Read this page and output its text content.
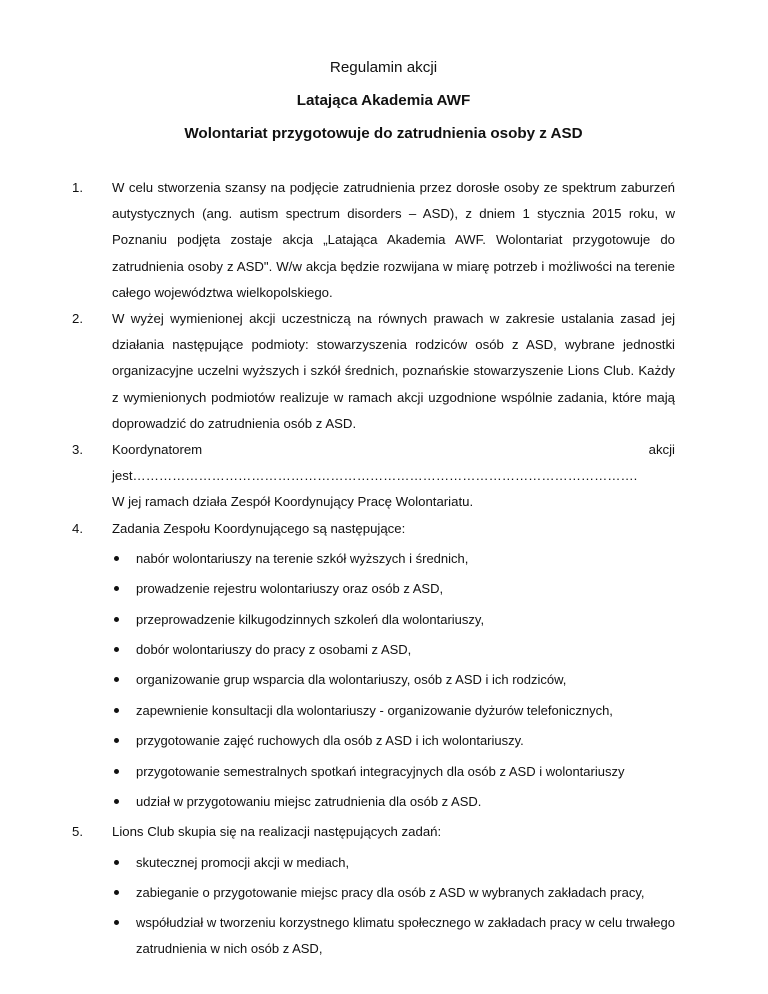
Regulamin akcji
Latająca Akademia AWF
Wolontariat przygotowuje do zatrudnienia osoby z ASD
1.	W celu stworzenia szansy na podjęcie zatrudnienia przez dorosłe osoby ze spektrum zaburzeń autystycznych (ang. autism spectrum disorders – ASD), z dniem 1 stycznia 2015 roku, w Poznaniu podjęta zostaje akcja „Latająca Akademia AWF. Wolontariat przygotowuje do zatrudnienia osoby z ASD". W/w akcja będzie rozwijana w miarę potrzeb i możliwości na terenie całego województwa wielkopolskiego.
2.	W wyżej wymienionej akcji uczestniczą na równych prawach w zakresie ustalania zasad jej działania następujące podmioty: stowarzyszenia rodziców osób z ASD, wybrane jednostki organizacyjne uczelni wyższych i szkół średnich, poznańskie stowarzyszenie Lions Club. Każdy z wymienionych podmiotów realizuje w ramach akcji uzgodnione wspólnie zadania, które mają doprowadzić do zatrudnienia osób z ASD.
3.	Koordynatorem akcji jest…………………………………………………………………………………………………….
W jej ramach działa Zespół Koordynujący Pracę Wolontariatu.
4.	Zadania Zespołu Koordynującego są następujące:
nabór wolontariuszy na terenie szkół wyższych i średnich,
prowadzenie rejestru wolontariuszy oraz osób z ASD,
przeprowadzenie kilkugodzinnych szkoleń dla wolontariuszy,
dobór wolontariuszy do pracy z osobami z ASD,
organizowanie grup wsparcia dla wolontariuszy, osób z ASD i ich rodziców,
zapewnienie konsultacji dla wolontariuszy - organizowanie dyżurów telefonicznych,
przygotowanie zajęć ruchowych dla osób z ASD i ich wolontariuszy.
przygotowanie semestralnych spotkań integracyjnych dla osób z ASD i wolontariuszy
udział w przygotowaniu miejsc zatrudnienia dla osób z ASD.
5.	Lions Club skupia się na realizacji następujących zadań:
skutecznej promocji akcji w mediach,
zabieganie o przygotowanie miejsc pracy dla osób z ASD w wybranych zakładach pracy,
współudział w tworzeniu korzystnego klimatu społecznego w zakładach pracy w celu trwałego zatrudnienia w nich osób z ASD,
